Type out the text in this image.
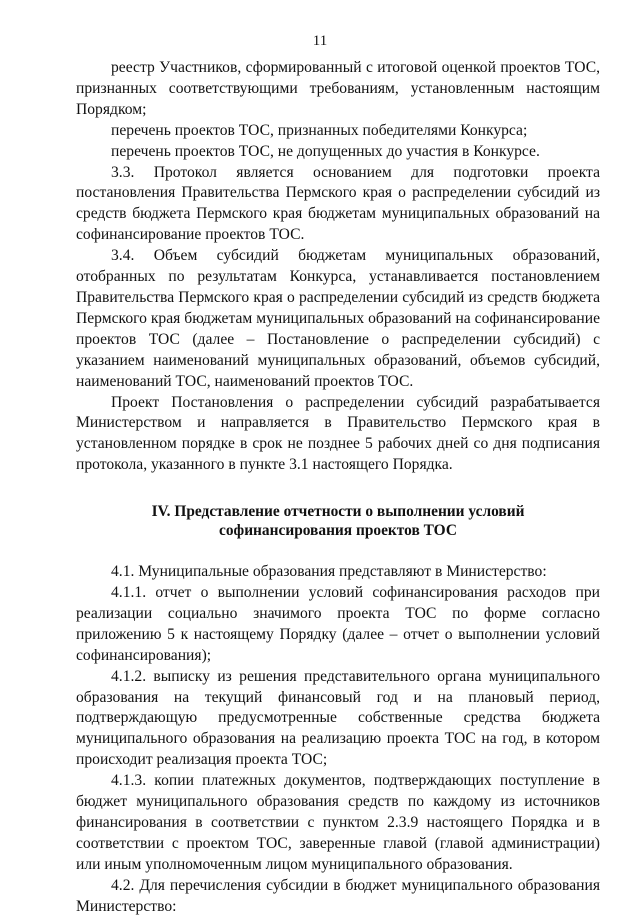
11

реестр Участников, сформированный с итоговой оценкой проектов ТОС, признанных соответствующими требованиям, установленным настоящим Порядком;

перечень проектов ТОС, признанных победителями Конкурса;

перечень проектов ТОС, не допущенных до участия в Конкурсе.

3.3. Протокол является основанием для подготовки проекта постановления Правительства Пермского края о распределении субсидий из средств бюджета Пермского края бюджетам муниципальных образований на софинансирование проектов ТОС.

3.4. Объем субсидий бюджетам муниципальных образований, отобранных по результатам Конкурса, устанавливается постановлением Правительства Пермского края о распределении субсидий из средств бюджета Пермского края бюджетам муниципальных образований на софинансирование проектов ТОС (далее – Постановление о распределении субсидий) с указанием наименований муниципальных образований, объемов субсидий, наименований ТОС, наименований проектов ТОС.

Проект Постановления о распределении субсидий разрабатывается Министерством и направляется в Правительство Пермского края в установленном порядке в срок не позднее 5 рабочих дней со дня подписания протокола, указанного в пункте 3.1 настоящего Порядка.

IV. Представление отчетности о выполнении условий
софинансирования проектов ТОС

4.1. Муниципальные образования представляют в Министерство:

4.1.1. отчет о выполнении условий софинансирования расходов при реализации социально значимого проекта ТОС по форме согласно приложению 5 к настоящему Порядку (далее – отчет о выполнении условий софинансирования);

4.1.2. выписку из решения представительного органа муниципального образования на текущий финансовый год и на плановый период, подтверждающую предусмотренные собственные средства бюджета муниципального образования на реализацию проекта ТОС на год, в котором происходит реализация проекта ТОС;

4.1.3. копии платежных документов, подтверждающих поступление в бюджет муниципального образования средств по каждому из источников финансирования в соответствии с пунктом 2.3.9 настоящего Порядка и в соответствии с проектом ТОС, заверенные главой (главой администрации) или иным уполномоченным лицом муниципального образования.

4.2. Для перечисления субсидии в бюджет муниципального образования Министерство:
